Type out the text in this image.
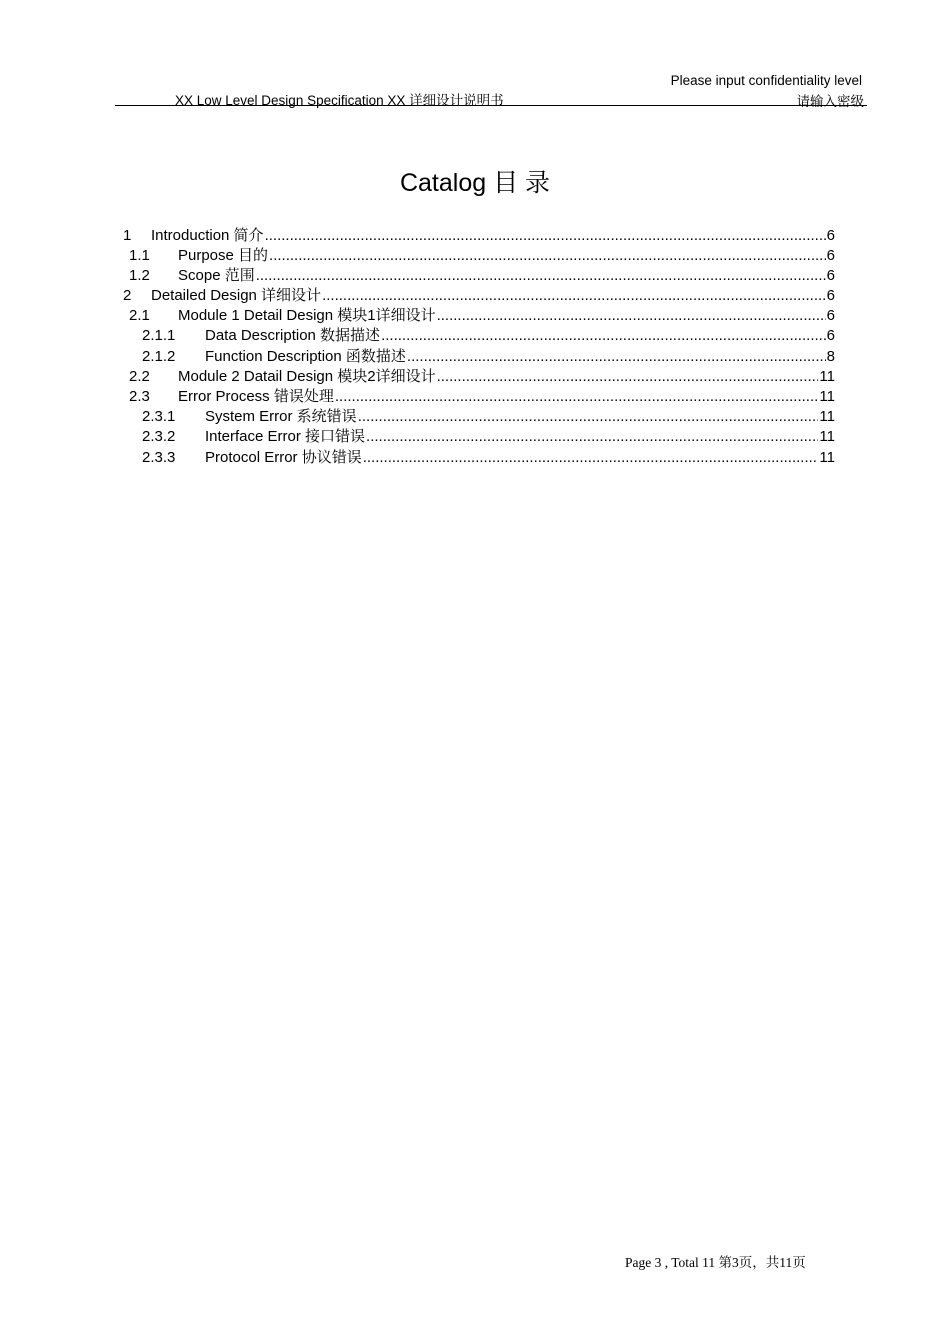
Please input confidentiality level
XX Low Level Design Specification XX 详细设计说明书	请输入密级
Catalog 目 录
1	Introduction 简介 .....	6
1.1	Purpose 目的 .....	6
1.2	Scope 范围 .....	6
2	Detailed Design 详细设计 .....	6
2.1	Module 1 Detail Design 模块1详细设计 .....	6
2.1.1	Data Description 数据描述 .....	6
2.1.2	Function Description 函数描述 .....	8
2.2	Module 2 Datail Design 模块2详细设计 .....	11
2.3	Error Process 错误处理 .....	11
2.3.1	System Error 系统错误 .....	11
2.3.2	Interface Error 接口错误 .....	11
2.3.3	Protocol Error 协议错误 .....	11
Page 3 , Total 11 第3页，共11页
